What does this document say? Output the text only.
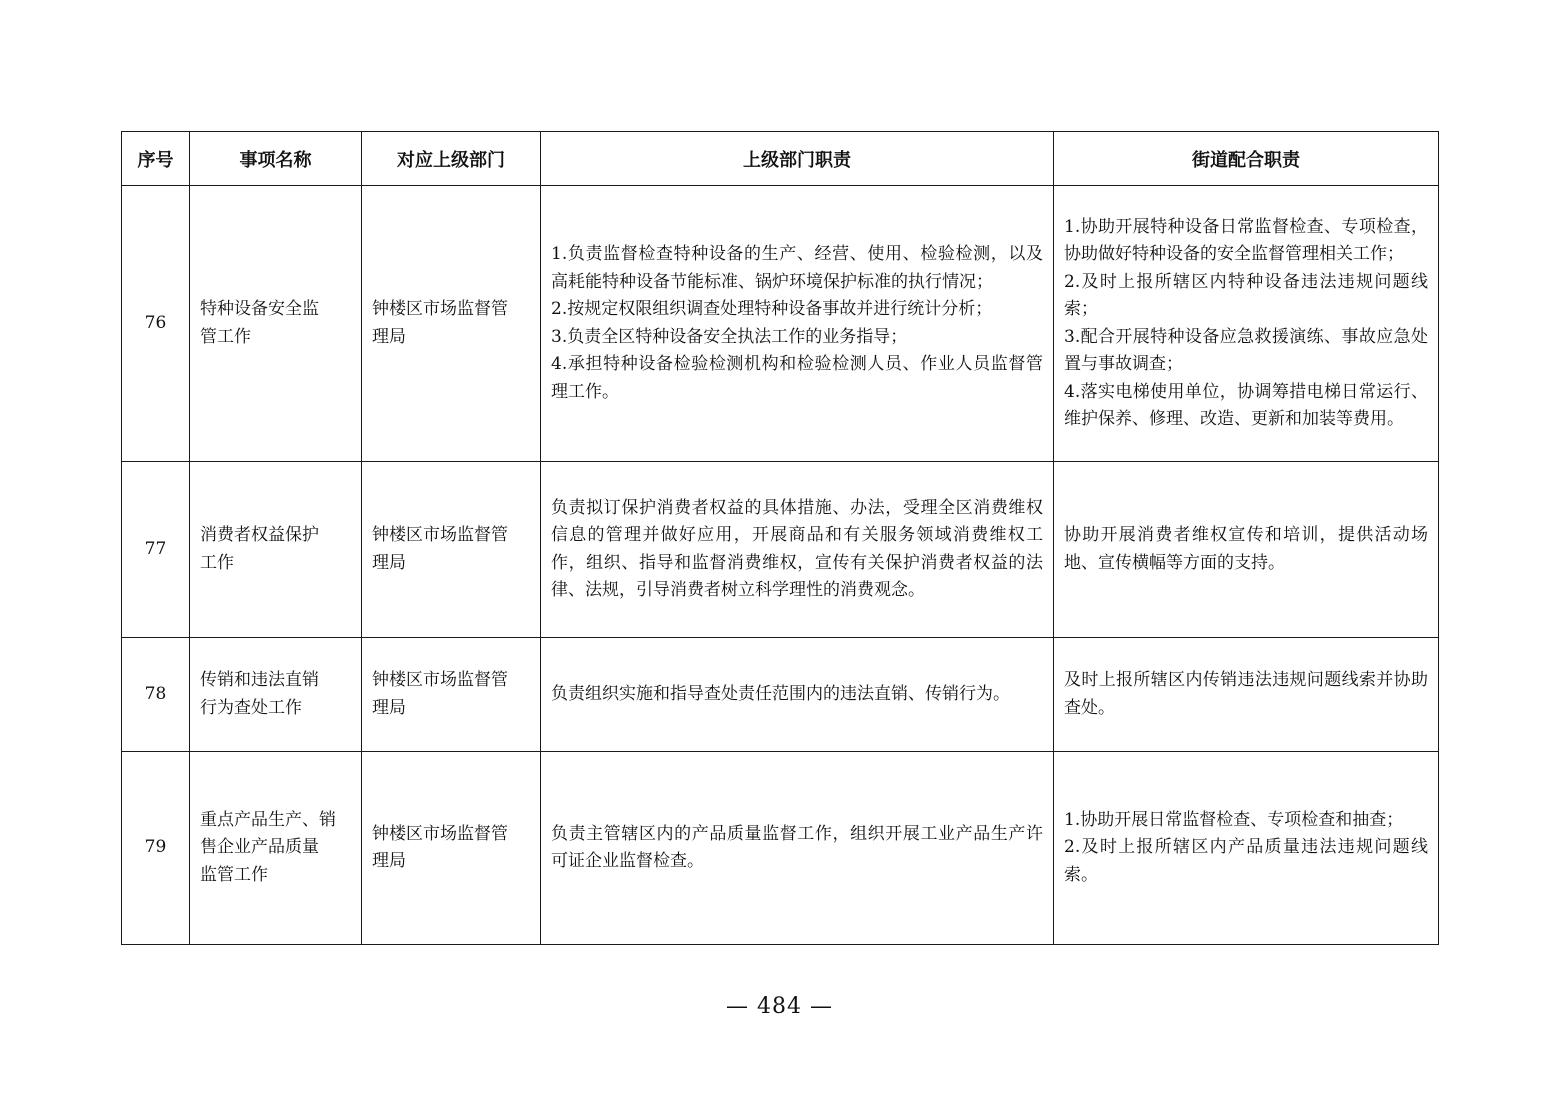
序号	事项名称	对应上级部门	上级部门职责	街道配合职责
76	特种设备安全监
管工作	钟楼区市场监督管
理局	1.负责监督检查特种设备的生产、经营、使用、检验检测，以及高耗能特种设备节能标准、锅炉环境保护标准的执行情况；
2.按规定权限组织调查处理特种设备事故并进行统计分析；
3.负责全区特种设备安全执法工作的业务指导；
4.承担特种设备检验检测机构和检验检测人员、作业人员监督管理工作。	1.协助开展特种设备日常监督检查、专项检查，协助做好特种设备的安全监督管理相关工作；
2.及时上报所辖区内特种设备违法违规问题线索；
3.配合开展特种设备应急救援演练、事故应急处置与事故调查；
4.落实电梯使用单位，协调筹措电梯日常运行、维护保养、修理、改造、更新和加装等费用。

77	消费者权益保护
工作	钟楼区市场监督管
理局	负责拟订保护消费者权益的具体措施、办法，受理全区消费维权信息的管理并做好应用，开展商品和有关服务领域消费维权工作，组织、指导和监督消费维权，宣传有关保护消费者权益的法律、法规，引导消费者树立科学理性的消费观念。	协助开展消费者维权宣传和培训，提供活动场地、宣传横幅等方面的支持。

78	传销和违法直销
行为查处工作	钟楼区市场监督管
理局	负责组织实施和指导查处责任范围内的违法直销、传销行为。	及时上报所辖区内传销违法违规问题线索并协助查处。

79	重点产品生产、销
售企业产品质量
监管工作	钟楼区市场监督管
理局	负责主管辖区内的产品质量监督工作，组织开展工业产品生产许可证企业监督检查。	1.协助开展日常监督检查、专项检查和抽查；
2.及时上报所辖区内产品质量违法违规问题线索。
— 484 —
